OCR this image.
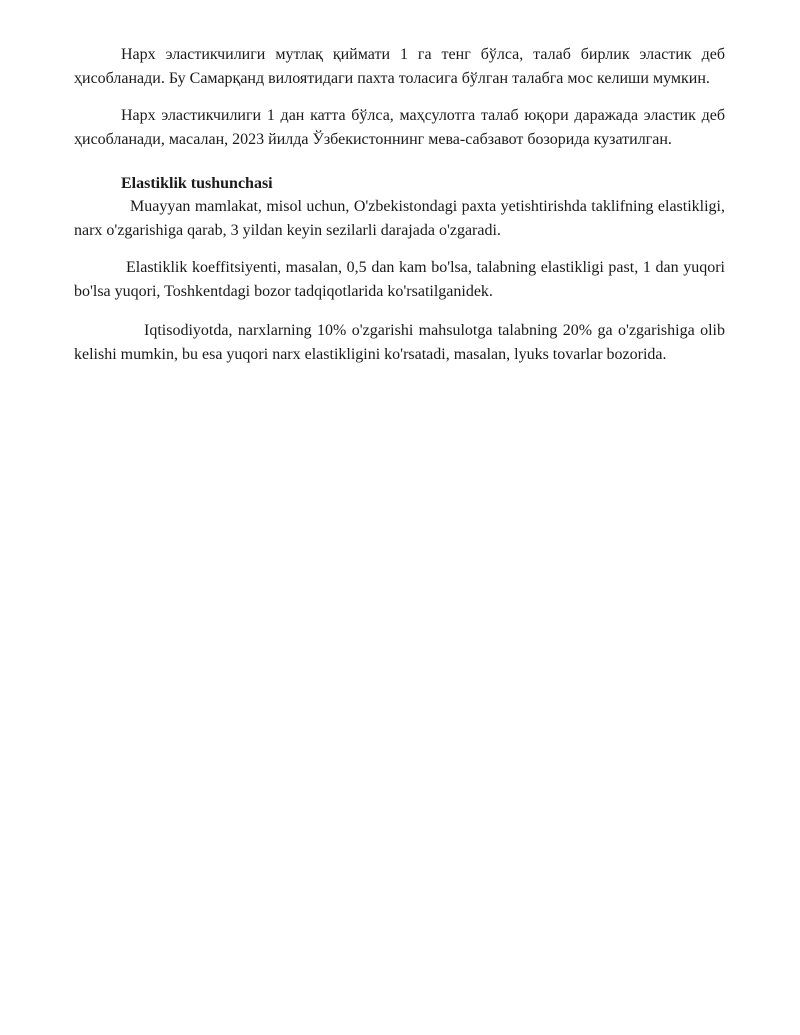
Нарх эластикчилиги мутлақ қиймати 1 га тенг бўлса, талаб бирлик эластик деб ҳисобланади. Бу Самарқанд вилоятидаги пахта толасига бўлган талабга мос келиши мумкин.

Нарх эластикчилиги 1 дан катта бўлса, маҳсулотга талаб юқори даражада эластик деб ҳисобланади, масалан, 2023 йилда Ўзбекистоннинг мева-сабзавот бозорида кузатилган.

Elastiklik tushunchasi

Muayyan mamlakat, misol uchun, O'zbekistondagi paxta yetishtirishda taklifning elastikligi, narx o'zgarishiga qarab, 3 yildan keyin sezilarli darajada o'zgaradi.

Elastiklik koeffitsiyenti, masalan, 0,5 dan kam bo'lsa, talabning elastikligi past, 1 dan yuqori bo'lsa yuqori, Toshkentdagi bozor tadqiqotlarida ko'rsatilganidek.

Iqtisodiyotda, narxlarning 10% o'zgarishi mahsulotga talabning 20% ga o'zgarishiga olib kelishi mumkin, bu esa yuqori narx elastikligini ko'rsatadi, masalan, lyuks tovarlar bozorida.
